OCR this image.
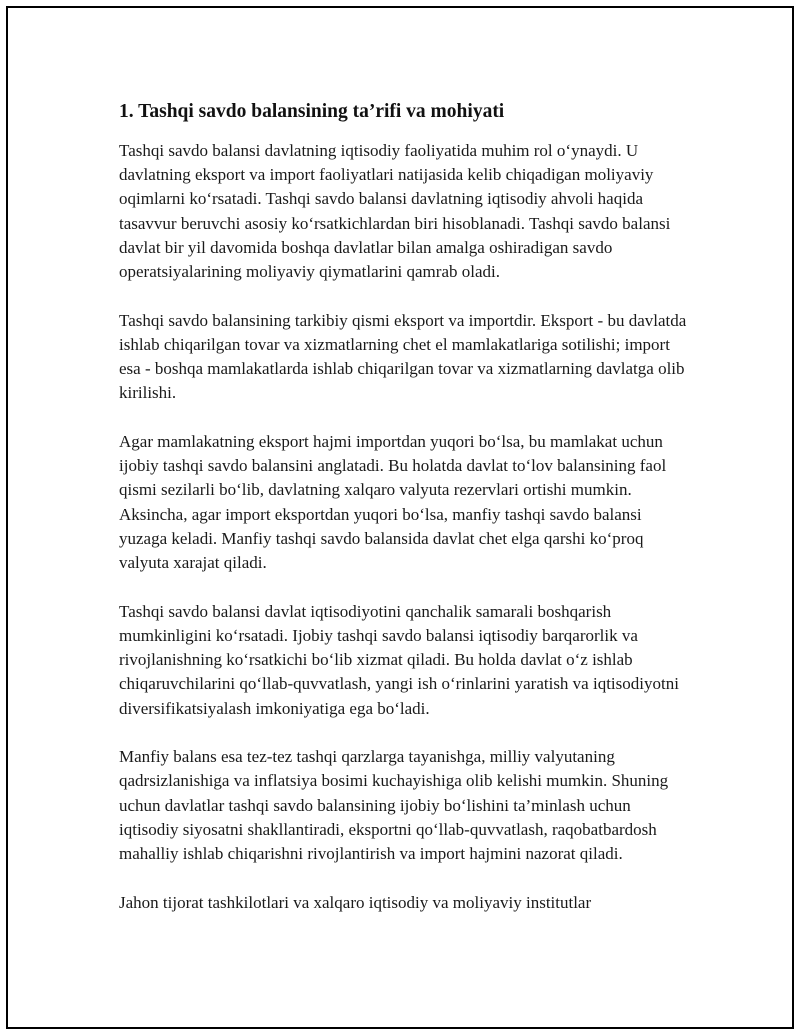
1. Tashqi savdo balansining ta’rifi va mohiyati

Tashqi savdo balansi davlatning iqtisodiy faoliyatida muhim rol o‘ynaydi. U davlatning eksport va import faoliyatlari natijasida kelib chiqadigan moliyaviy oqimlarni ko‘rsatadi. Tashqi savdo balansi davlatning iqtisodiy ahvoli haqida tasavvur beruvchi asosiy ko‘rsatkichlardan biri hisoblanadi. Tashqi savdo balansi davlat bir yil davomida boshqa davlatlar bilan amalga oshiradigan savdo operatsiyalarining moliyaviy qiymatlarini qamrab oladi.

Tashqi savdo balansining tarkibiy qismi eksport va importdir. Eksport - bu davlatda ishlab chiqarilgan tovar va xizmatlarning chet el mamlakatlariga sotilishi; import esa - boshqa mamlakatlarda ishlab chiqarilgan tovar va xizmatlarning davlatga olib kirilishi.

Agar mamlakatning eksport hajmi importdan yuqori bo‘lsa, bu mamlakat uchun ijobiy tashqi savdo balansini anglatadi. Bu holatda davlat to‘lov balansining faol qismi sezilarli bo‘lib, davlatning xalqaro valyuta rezervlari ortishi mumkin. Aksincha, agar import eksportdan yuqori bo‘lsa, manfiy tashqi savdo balansi yuzaga keladi. Manfiy tashqi savdo balansida davlat chet elga qarshi ko‘proq valyuta xarajat qiladi.

Tashqi savdo balansi davlat iqtisodiyotini qanchalik samarali boshqarish mumkinligini ko‘rsatadi. Ijobiy tashqi savdo balansi iqtisodiy barqarorlik va rivojlanishning ko‘rsatkichi bo‘lib xizmat qiladi. Bu holda davlat o‘z ishlab chiqaruvchilarini qo‘llab-quvvatlash, yangi ish o‘rinlarini yaratish va iqtisodiyotni diversifikatsiyalash imkoniyatiga ega bo‘ladi.

Manfiy balans esa tez-tez tashqi qarzlarga tayanishga, milliy valyutaning qadrsizlanishiga va inflatsiya bosimi kuchayishiga olib kelishi mumkin. Shuning uchun davlatlar tashqi savdo balansining ijobiy bo‘lishini ta’minlash uchun iqtisodiy siyosatni shakllantiradi, eksportni qo‘llab-quvvatlash, raqobatbardosh mahalliy ishlab chiqarishni rivojlantirish va import hajmini nazorat qiladi.

Jahon tijorat tashkilotlari va xalqaro iqtisodiy va moliyaviy institutlar
